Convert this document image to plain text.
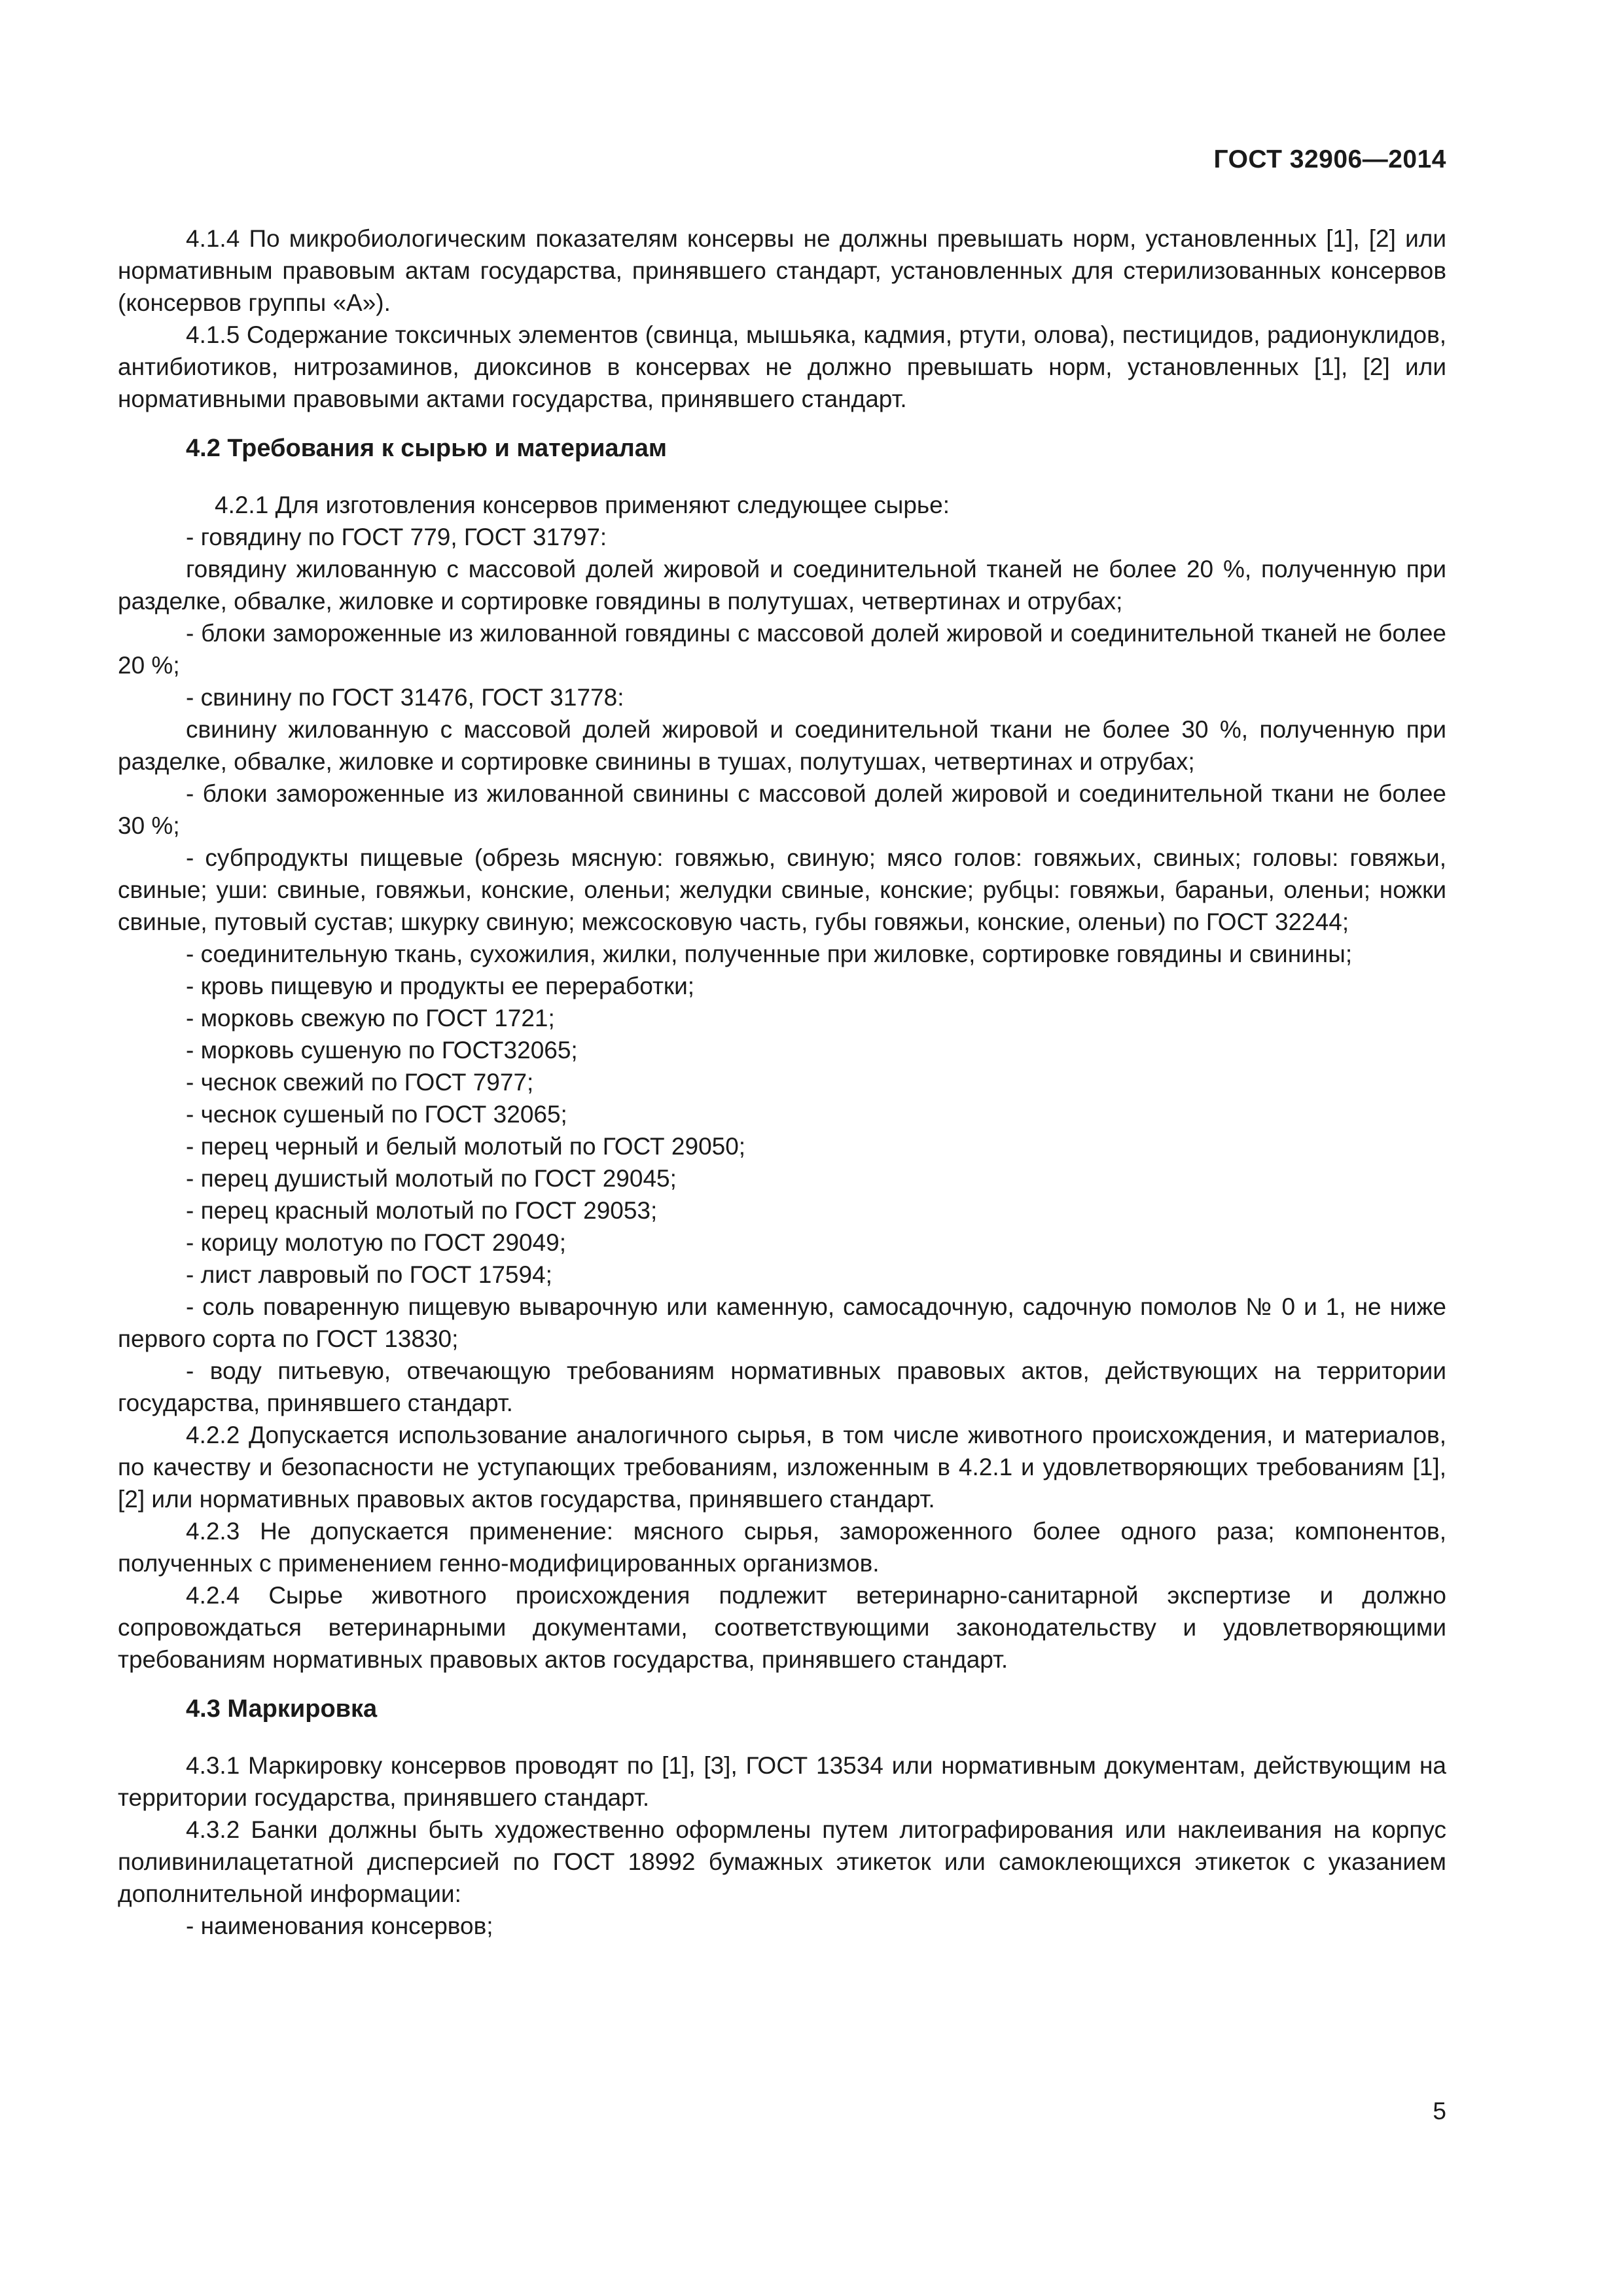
ГОСТ 32906—2014

4.1.4 По микробиологическим показателям консервы не должны превышать норм, установленных [1], [2] или нормативным правовым актам государства, принявшего стандарт, установленных для стерилизованных консервов (консервов группы «А»).

4.1.5 Содержание токсичных элементов (свинца, мышьяка, кадмия, ртути, олова), пестицидов, радионуклидов, антибиотиков, нитрозаминов, диоксинов в консервах не должно превышать норм, установленных [1], [2] или нормативными правовыми актами государства, принявшего стандарт.

4.2 Требования к сырью и материалам

4.2.1 Для изготовления консервов применяют следующее сырье:

- говядину по ГОСТ 779, ГОСТ 31797:

говядину жилованную с массовой долей жировой и соединительной тканей не более 20 %, полученную при разделке, обвалке, жиловке и сортировке говядины в полутушах, четвертинах и отрубах;

- блоки замороженные из жилованной говядины с массовой долей жировой и соединительной тканей не более 20 %;

- свинину по ГОСТ 31476, ГОСТ 31778:

свинину жилованную с массовой долей жировой и соединительной ткани не более 30 %, полученную при разделке, обвалке, жиловке и сортировке свинины в тушах, полутушах, четвертинах и отрубах;

- блоки замороженные из жилованной свинины с массовой долей жировой и соединительной ткани не более 30 %;

- субпродукты пищевые (обрезь мясную: говяжью, свиную; мясо голов: говяжьих, свиных; головы: говяжьи, свиные; уши: свиные, говяжьи, конские, оленьи; желудки свиные, конские; рубцы: говяжьи, бараньи, оленьи; ножки свиные, путовый сустав; шкурку свиную; межсосковую часть, губы говяжьи, конские, оленьи) по ГОСТ 32244;

- соединительную ткань, сухожилия, жилки, полученные при жиловке, сортировке говядины и свинины;

- кровь пищевую и продукты ее переработки;

- морковь свежую по ГОСТ 1721;

- морковь сушеную по ГОСТ32065;

- чеснок свежий по ГОСТ 7977;

- чеснок сушеный по ГОСТ 32065;

- перец черный и белый молотый по ГОСТ 29050;

- перец душистый молотый по ГОСТ 29045;

- перец красный молотый по ГОСТ 29053;

- корицу молотую по ГОСТ 29049;

- лист лавровый по ГОСТ 17594;

- соль поваренную пищевую выварочную или каменную, самосадочную, садочную помолов № 0 и 1, не ниже первого сорта по ГОСТ 13830;

- воду питьевую, отвечающую требованиям нормативных правовых актов, действующих на территории государства, принявшего стандарт.

4.2.2 Допускается использование аналогичного сырья, в том числе животного происхождения, и материалов, по качеству и безопасности не уступающих требованиям, изложенным в 4.2.1 и удовлетворяющих требованиям [1], [2] или нормативных правовых актов государства, принявшего стандарт.

4.2.3 Не допускается применение: мясного сырья, замороженного более одного раза; компонентов, полученных с применением генно-модифицированных организмов.

4.2.4 Сырье животного происхождения подлежит ветеринарно-санитарной экспертизе и должно сопровождаться ветеринарными документами, соответствующими законодательству и удовлетворяющими требованиям нормативных правовых актов государства, принявшего стандарт.

4.3 Маркировка

4.3.1 Маркировку консервов проводят по [1], [3], ГОСТ 13534 или нормативным документам, действующим на территории государства, принявшего стандарт.

4.3.2 Банки должны быть художественно оформлены путем литографирования или наклеивания на корпус поливинилацетатной дисперсией по ГОСТ 18992 бумажных этикеток или самоклеющихся этикеток с указанием дополнительной информации:

- наименования консервов;

5
